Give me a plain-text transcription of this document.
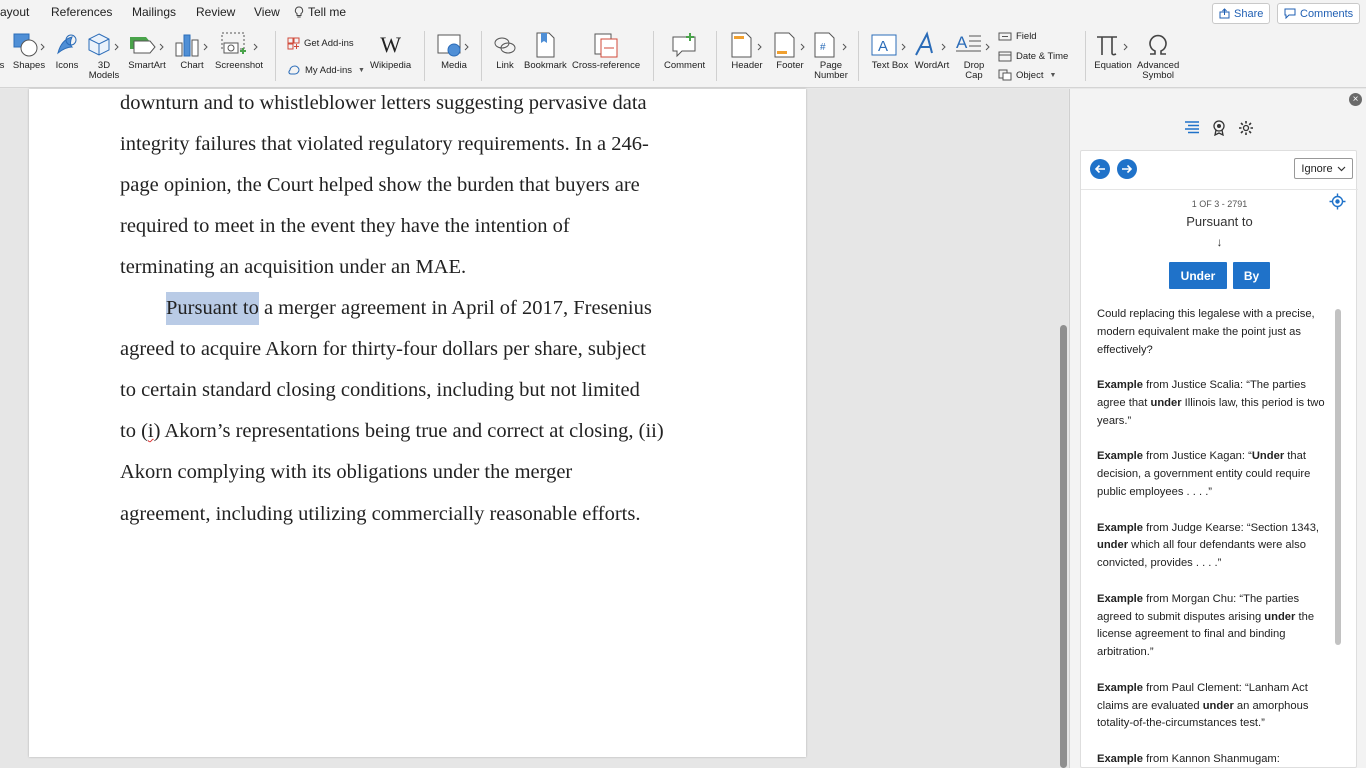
ayout References Mailings Review View Tell me	Share	Comments
s Shapes Icons 3D
Models
SmartArt Chart Screenshot
Get Add-ins
My Add-ins ▼
W
Wikipedia	Media	Link Bookmark Cross-reference	Comment	Header Footer
#
Page
Number
A
Text Box WordArt
A
Drop
Cap
Field
Date & Time
Object ▼
Equation Advanced
Symbol
downturn and to whistleblower letters suggesting pervasive data
integrity failures that violated regulatory requirements. In a 246-
page opinion, the Court helped show the burden that buyers are
required to meet in the event they have the intention of
terminating an acquisition under an MAE.
Pursuant to a merger agreement in April of 2017, Fresenius
agreed to acquire Akorn for thirty-four dollars per share, subject
to certain standard closing conditions, including but not limited
to (i) Akorn’s representations being true and correct at closing, (ii)
Akorn complying with its obligations under the merger
agreement, including utilizing commercially reasonable efforts.
×
Ignore
1 OF 3 - 2791
Pursuant to
↓
Under	By

Could replacing this legalese with a precise, modern equivalent make the point just as effectively?

Example from Justice Scalia: “The parties agree that under Illinois law, this period is two years.”

Example from Justice Kagan: “Under that decision, a government entity could require public employees . . . .”

Example from Judge Kearse: “Section 1343, under which all four defendants were also convicted, provides . . . .”

Example from Morgan Chu: “The parties agreed to submit disputes arising under the license agreement to final and binding arbitration.”

Example from Paul Clement: “Lanham Act claims are evaluated under an amorphous totality-of-the-circumstances test.”

Example from Kannon Shanmugam:
